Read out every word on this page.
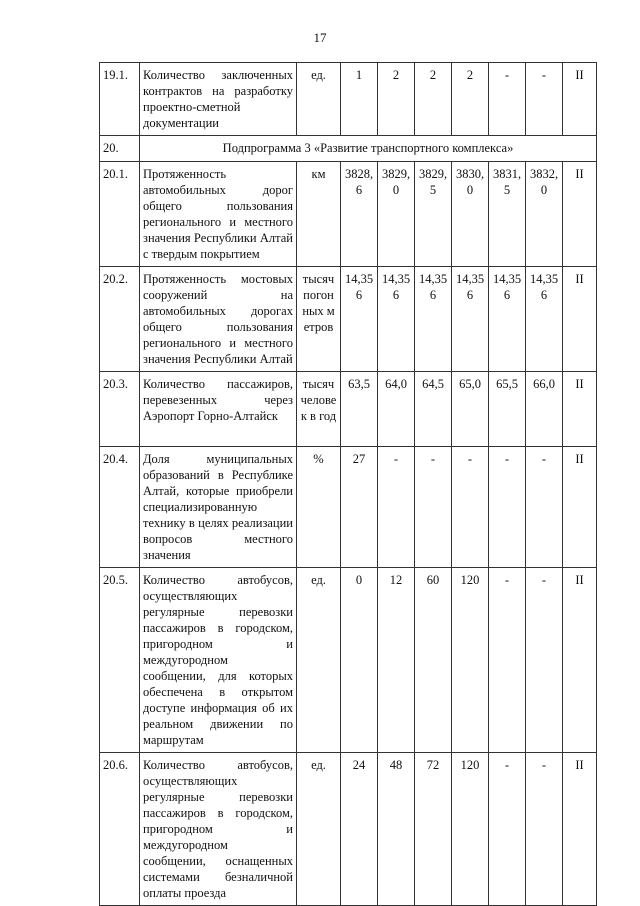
17
19.1.	Количество заключенных контрактов на разработку проектно-сметной документации	ед.	1	2	2	2	-	-	II
20.	Подпрограмма 3 «Развитие транспортного комплекса»								
20.1.	Протяженность автомобильных дорог общего пользования регионального и местного значения Республики Алтай с твердым покрытием	км	3828,6	3829,0	3829,5	3830,0	3831,5	3832,0	II
20.2.	Протяженность мостовых сооружений на автомобильных дорогах общего пользования регионального и местного значения Республики Алтай	тысяч погонных метров	14,356	14,356	14,356	14,356	14,356	14,356	II
20.3.	Количество пассажиров, перевезенных через Аэропорт Горно-Алтайск	тысяч человек в год	63,5	64,0	64,5	65,0	65,5	66,0	II
20.4.	Доля муниципальных образований в Республике Алтай, которые приобрели специализированную технику в целях реализации вопросов местного значения	%	27	-	-	-	-	-	II
20.5.	Количество автобусов, осуществляющих регулярные перевозки пассажиров в городском, пригородном и междугородном сообщении, для которых обеспечена в открытом доступе информация об их реальном движении по маршрутам	ед.	0	12	60	120	-	-	II
20.6.	Количество автобусов, осуществляющих регулярные перевозки пассажиров в городском, пригородном и междугородном сообщении, оснащенных системами безналичной оплаты проезда	ед.	24	48	72	120	-	-	II
